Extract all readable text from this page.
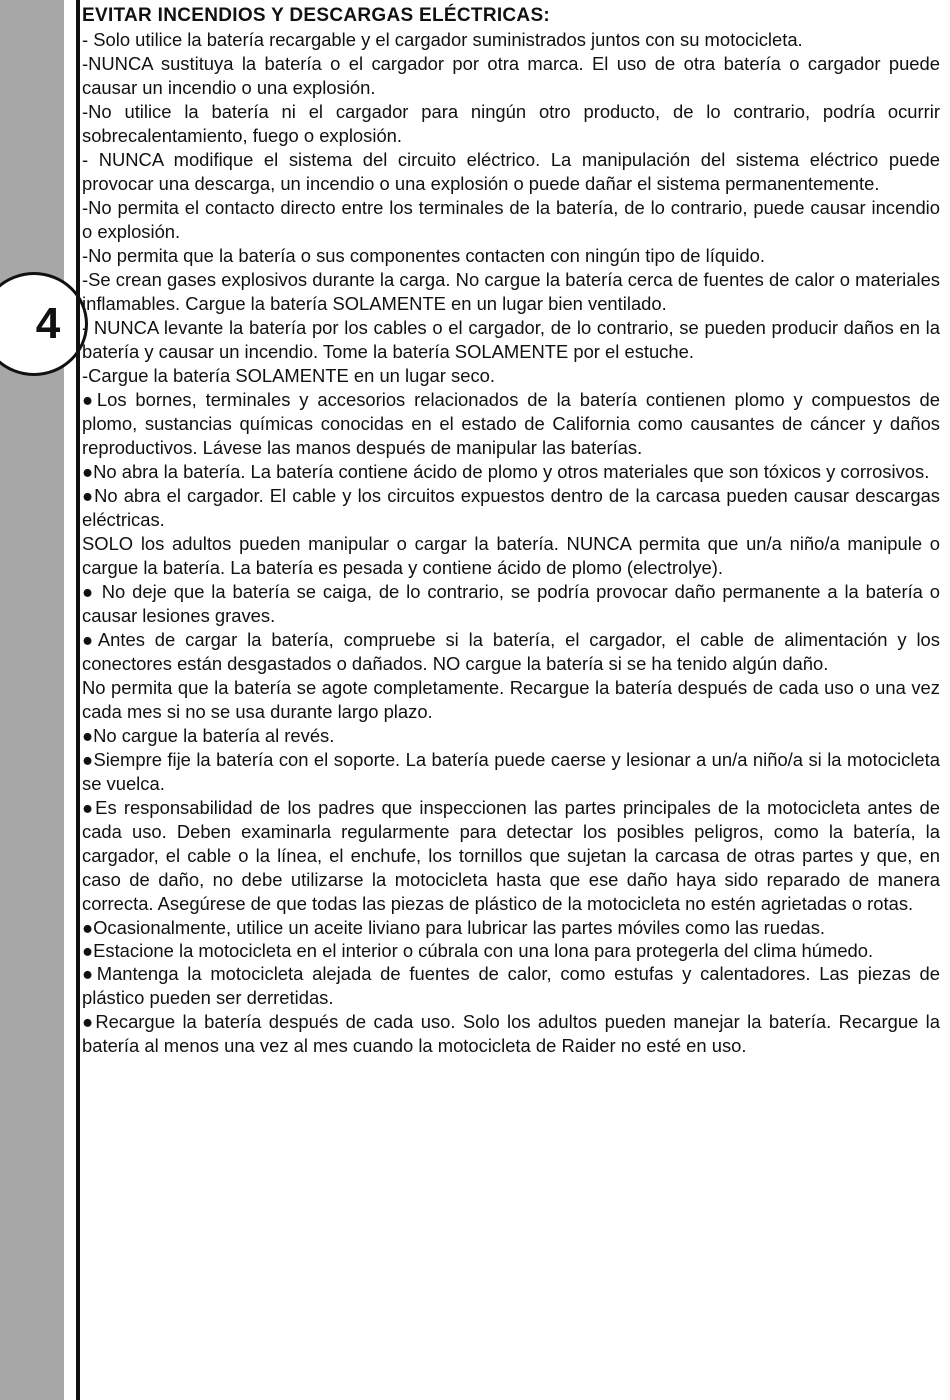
4
EVITAR INCENDIOS Y DESCARGAS ELÉCTRICAS:
- Solo utilice la batería recargable y el cargador suministrados juntos con su motocicleta.
-NUNCA sustituya la batería o el cargador por otra marca. El uso de otra batería o cargador puede causar un incendio o una explosión.
-No utilice la batería ni el cargador para ningún otro producto, de lo contrario, podría ocurrir sobrecalentamiento, fuego o explosión.
- NUNCA modifique el sistema del circuito eléctrico. La manipulación del sistema eléctrico puede provocar una descarga, un incendio o una explosión o puede dañar el sistema permanentemente.
-No permita el contacto directo entre los terminales de la batería, de lo contrario, puede causar incendio o explosión.
-No permita que la batería o sus componentes contacten con ningún tipo de líquido.
-Se crean gases explosivos durante la carga. No cargue la batería cerca de fuentes de calor o materiales inflamables. Cargue la batería SOLAMENTE en un lugar bien ventilado.
- NUNCA levante la batería por los cables o el cargador, de lo contrario, se pueden producir daños en la batería y causar un incendio. Tome la batería SOLAMENTE por el estuche.
-Cargue la batería SOLAMENTE en un lugar seco.
●Los bornes, terminales y accesorios relacionados de la batería contienen plomo y compuestos de plomo, sustancias químicas conocidas en el estado de California como causantes de cáncer y daños reproductivos. Lávese las manos después de manipular las baterías.
●No abra la batería. La batería contiene ácido de plomo y otros materiales que son tóxicos y corrosivos.
●No abra el cargador. El cable y los circuitos expuestos dentro de la carcasa pueden causar descargas eléctricas.
SOLO los adultos pueden manipular o cargar la batería. NUNCA permita que un/a niño/a manipule o cargue la batería. La batería es pesada y contiene ácido de plomo (electrolye).
● No deje que la batería se caiga, de lo contrario, se podría provocar daño permanente a la batería o causar lesiones graves.
●Antes de cargar la batería, compruebe si la batería, el cargador, el cable de alimentación y los conectores están desgastados o dañados. NO cargue la batería si se ha tenido algún daño.
No permita que la batería se agote completamente. Recargue la batería después de cada uso o una vez cada mes si no se usa durante largo plazo.
●No cargue la batería al revés.
●Siempre fije la batería con el soporte. La batería puede caerse y lesionar a un/a niño/a si la motocicleta se vuelca.
●Es responsabilidad de los padres que inspeccionen las partes principales de la motocicleta antes de cada uso. Deben examinarla regularmente para detectar los posibles peligros, como la batería, la cargador, el cable o la línea, el enchufe, los tornillos que sujetan la carcasa de otras partes y que, en caso de daño, no debe utilizarse la motocicleta hasta que ese daño haya sido reparado de manera correcta. Asegúrese de que todas las piezas de plástico de la motocicleta no estén agrietadas o rotas.
●Ocasionalmente, utilice un aceite liviano para lubricar las partes móviles como las ruedas.
●Estacione la motocicleta en el interior o cúbrala con una lona para protegerla del clima húmedo.
●Mantenga la motocicleta alejada de fuentes de calor, como estufas y calentadores. Las piezas de plástico pueden ser derretidas.
●Recargue la batería después de cada uso. Solo los adultos pueden manejar la batería. Recargue la batería al menos una vez al mes cuando la motocicleta de Raider no esté en uso.
